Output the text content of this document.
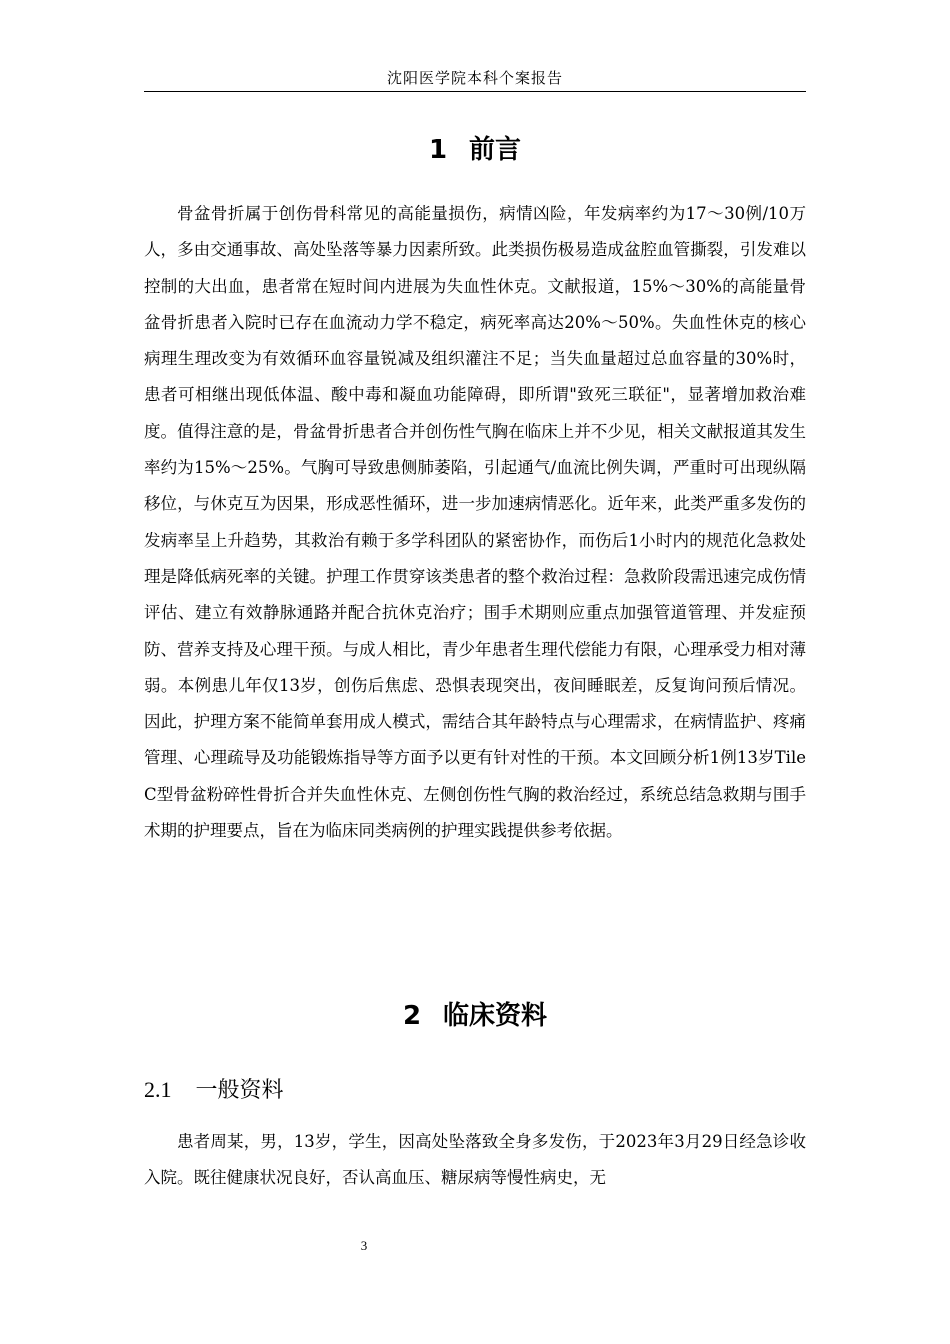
沈阳医学院本科个案报告
1 前言

骨盆骨折属于创伤骨科常见的高能量损伤，病情凶险，年发病率约为17～30例/10万人，多由交通事故、高处坠落等暴力因素所致。此类损伤极易造成盆腔血管撕裂，引发难以控制的大出血，患者常在短时间内进展为失血性休克。文献报道，15%～30%的高能量骨盆骨折患者入院时已存在血流动力学不稳定，病死率高达20%～50%。失血性休克的核心病理生理改变为有效循环血容量锐减及组织灌注不足；当失血量超过总血容量的30%时，患者可相继出现低体温、酸中毒和凝血功能障碍，即所谓"致死三联征"，显著增加救治难度。值得注意的是，骨盆骨折患者合并创伤性气胸在临床上并不少见，相关文献报道其发生率约为15%～25%。气胸可导致患侧肺萎陷，引起通气/血流比例失调，严重时可出现纵隔移位，与休克互为因果，形成恶性循环，进一步加速病情恶化。近年来，此类严重多发伤的发病率呈上升趋势，其救治有赖于多学科团队的紧密协作，而伤后1小时内的规范化急救处理是降低病死率的关键。护理工作贯穿该类患者的整个救治过程：急救阶段需迅速完成伤情评估、建立有效静脉通路并配合抗休克治疗；围手术期则应重点加强管道管理、并发症预防、营养支持及心理干预。与成人相比，青少年患者生理代偿能力有限，心理承受力相对薄弱。本例患儿年仅13岁，创伤后焦虑、恐惧表现突出，夜间睡眠差，反复询问预后情况。因此，护理方案不能简单套用成人模式，需结合其年龄特点与心理需求，在病情监护、疼痛管理、心理疏导及功能锻炼指导等方面予以更有针对性的干预。本文回顾分析1例13岁Tile C型骨盆粉碎性骨折合并失血性休克、左侧创伤性气胸的救治经过，系统总结急救期与围手术期的护理要点，旨在为临床同类病例的护理实践提供参考依据。

2 临床资料
2.1 一般资料

患者周某，男，13岁，学生，因高处坠落致全身多发伤，于2023年3月29日经急诊收入院。既往健康状况良好，否认高血压、糖尿病等慢性病史，无

3
